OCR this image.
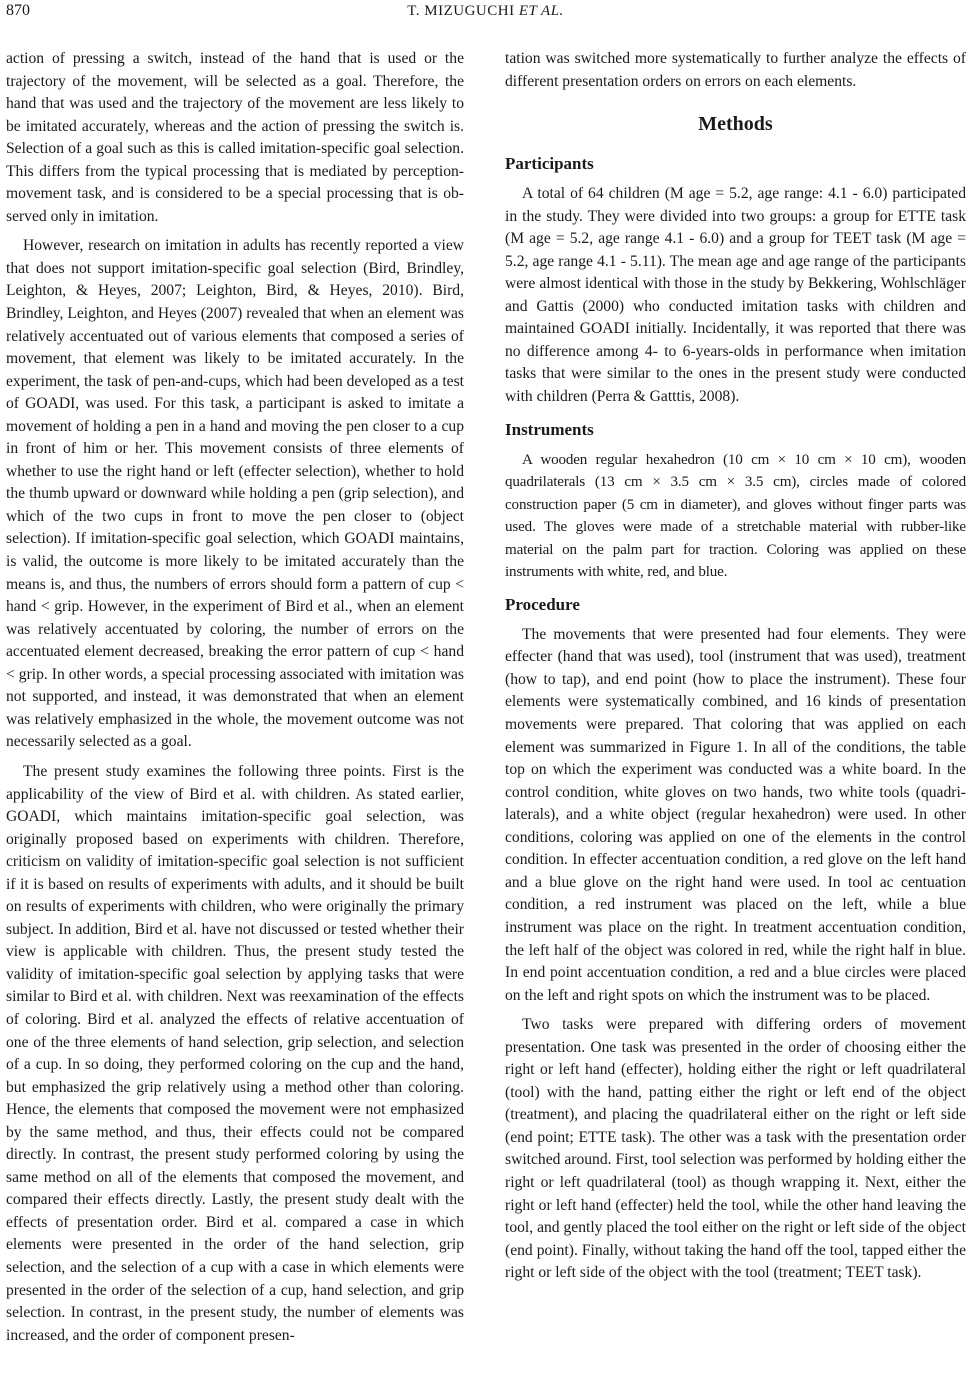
870	T. MIZUGUCHI ET AL.

action of pressing a switch, instead of the hand that is used or the trajectory of the movement, will be selected as a goal. Therefore, the hand that was used and the trajectory of the movement are less likely to be imitated accurately, whereas and the action of pressing the switch is. Selection of a goal such as this is called imitation-specific goal selection. This differs from the typical processing that is mediated by perception-movement task, and is considered to be a special processing that is observed only in imitation.

However, research on imitation in adults has recently reported a view that does not support imitation-specific goal selection (Bird, Brindley, Leighton, & Heyes, 2007; Leighton, Bird, & Heyes, 2010). Bird, Brindley, Leighton, and Heyes (2007) revealed that when an element was relatively accentuated out of various elements that composed a series of movement, that element was likely to be imitated accurately. In the experiment, the task of pen-and-cups, which had been developed as a test of GOADI, was used. For this task, a participant is asked to imitate a movement of holding a pen in a hand and moving the pen closer to a cup in front of him or her. This movement consists of three elements of whether to use the right hand or left (effecter selection), whether to hold the thumb upward or downward while holding a pen (grip selection), and which of the two cups in front to move the pen closer to (object selection). If imitation-specific goal selection, which GOADI maintains, is valid, the outcome is more likely to be imitated accurately than the means is, and thus, the numbers of errors should form a pattern of cup < hand < grip. However, in the experiment of Bird et al., when an element was relatively accentuated by coloring, the number of errors on the accentuated element decreased, breaking the error pattern of cup < hand < grip. In other words, a special processing associated with imitation was not supported, and instead, it was demonstrated that when an element was relatively emphasized in the whole, the movement outcome was not necessarily selected as a goal.

The present study examines the following three points. First is the applicability of the view of Bird et al. with children. As stated earlier, GOADI, which maintains imitation-specific goal selection, was originally proposed based on experiments with children. Therefore, criticism on validity of imitation-specific goal selection is not sufficient if it is based on results of experiments with adults, and it should be built on results of experiments with children, who were originally the primary subject. In addition, Bird et al. have not discussed or tested whether their view is applicable with children. Thus, the present study tested the validity of imitation-specific goal selection by applying tasks that were similar to Bird et al. with children. Next was reexamination of the effects of coloring. Bird et al. analyzed the effects of relative accentuation of one of the three elements of hand selection, grip selection, and selection of a cup. In so doing, they performed coloring on the cup and the hand, but emphasized the grip relatively using a method other than coloring. Hence, the elements that composed the movement were not emphasized by the same method, and thus, their effects could not be compared directly. In contrast, the present study performed coloring by using the same method on all of the elements that composed the movement, and compared their effects directly. Lastly, the present study dealt with the effects of presentation order. Bird et al. compared a case in which elements were presented in the order of the hand selection, grip selection, and the selection of a cup with a case in which elements were presented in the order of the selection of a cup, hand selection, and grip selection. In contrast, in the present study, the number of elements was increased, and the order of component presen-

tation was switched more systematically to further analyze the effects of different presentation orders on errors on each elements.

Methods
Participants

A total of 64 children (M age = 5.2, age range: 4.1 - 6.0) participated in the study. They were divided into two groups: a group for ETTE task (M age = 5.2, age range 4.1 - 6.0) and a group for TEET task (M age = 5.2, age range 4.1 - 5.11). The mean age and age range of the participants were almost identical with those in the study by Bekkering, Wohlschläger and Gattis (2000) who conducted imitation tasks with children and maintained GOADI initially. Incidentally, it was reported that there was no difference among 4- to 6-years-olds in performance when imitation tasks that were similar to the ones in the present study were conducted with children (Perra & Gatttis, 2008).

Instruments

A wooden regular hexahedron (10 cm × 10 cm × 10 cm), wooden quadrilaterals (13 cm × 3.5 cm × 3.5 cm), circles made of colored construction paper (5 cm in diameter), and gloves without finger parts was used. The gloves were made of a stretchable material with rubber-like material on the palm part for traction. Coloring was applied on these instruments with white, red, and blue.

Procedure

The movements that were presented had four elements. They were effecter (hand that was used), tool (instrument that was used), treatment (how to tap), and end point (how to place the instrument). These four elements were systematically combined, and 16 kinds of presentation movements were prepared. That coloring that was applied on each element was summarized in Figure 1. In all of the conditions, the table top on which the experiment was conducted was a white board. In the control condition, white gloves on two hands, two white tools (quadrilaterals), and a white object (regular hexahedron) were used. In other conditions, coloring was applied on one of the elements in the control condition. In effecter accentuation condition, a red glove on the left hand and a blue glove on the right hand were used. In tool ac centuation condition, a red instrument was placed on the left, while a blue instrument was place on the right. In treatment accentuation condition, the left half of the object was colored in red, while the right half in blue. In end point accentuation condition, a red and a blue circles were placed on the left and right spots on which the instrument was to be placed.

Two tasks were prepared with differing orders of movement presentation. One task was presented in the order of choosing either the right or left hand (effecter), holding either the right or left quadrilateral (tool) with the hand, patting either the right or left end of the object (treatment), and placing the quadrilateral either on the right or left side (end point; ETTE task). The other was a task with the presentation order switched around. First, tool selection was performed by holding either the right or left quadrilateral (tool) as though wrapping it. Next, either the right or left hand (effecter) held the tool, while the other hand leaving the tool, and gently placed the tool either on the right or left side of the object (end point). Finally, without taking the hand off the tool, tapped either the right or left side of the object with the tool (treatment; TEET task).
